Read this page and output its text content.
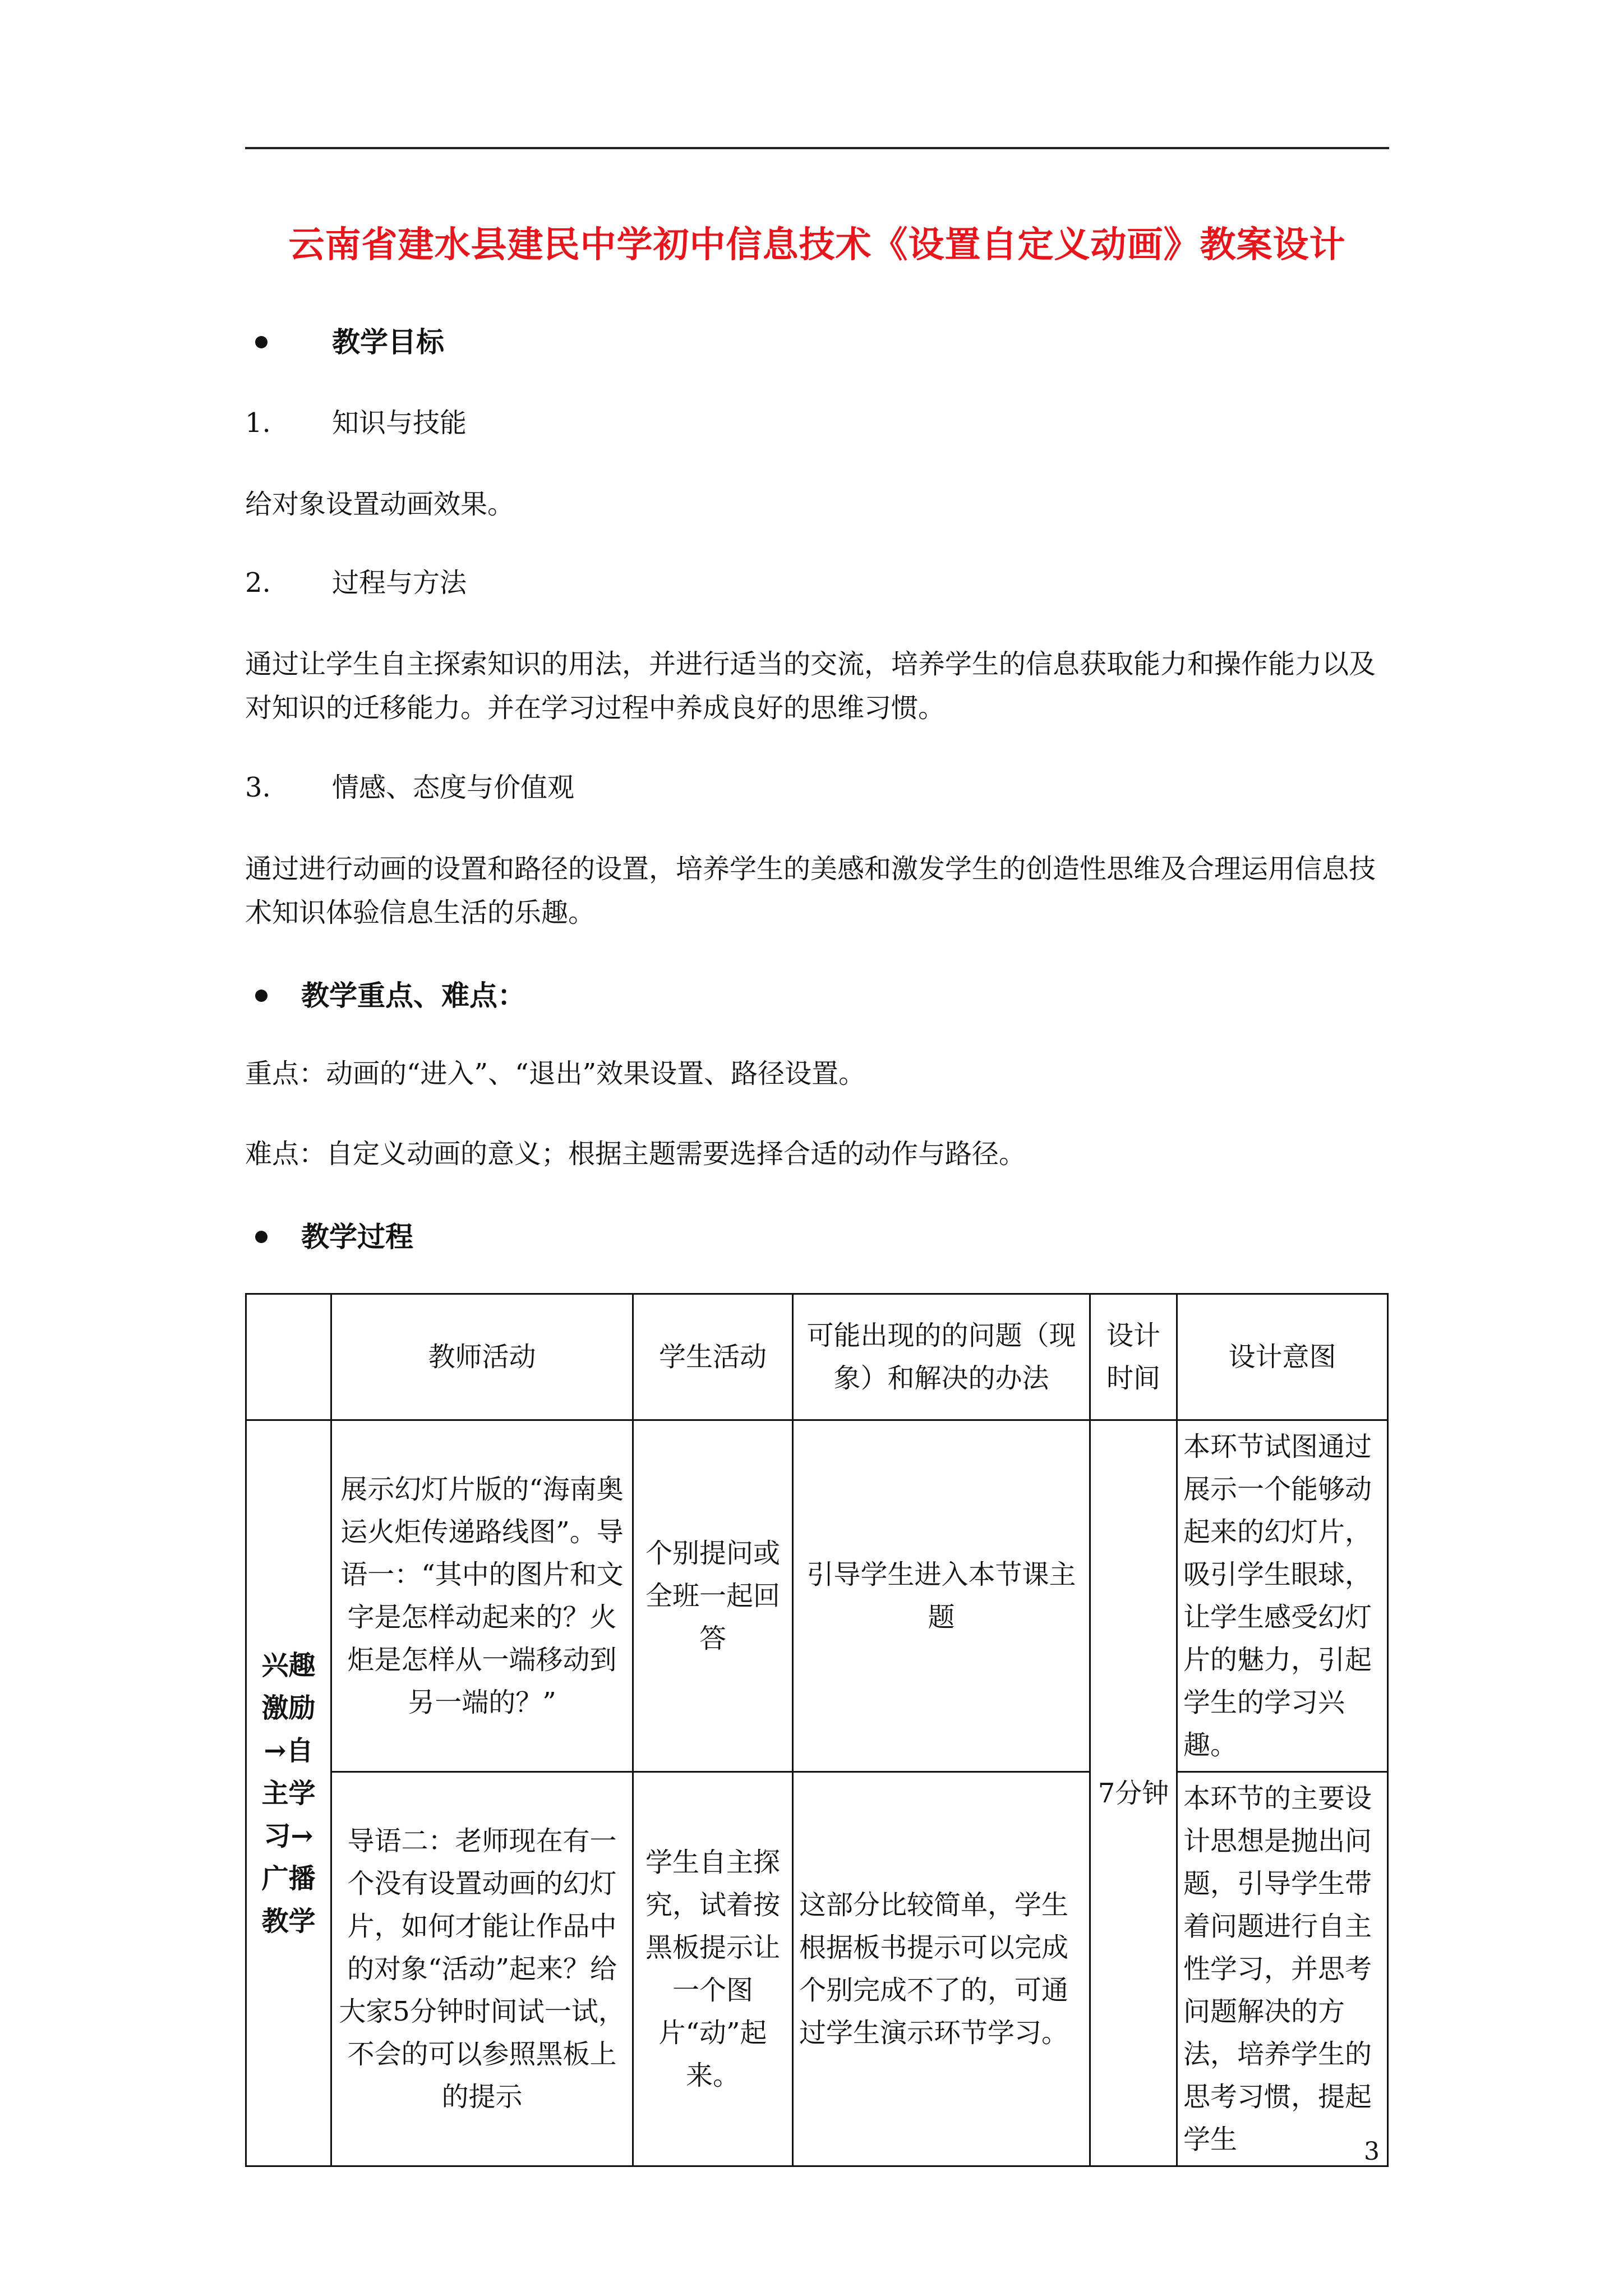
云南省建水县建民中学初中信息技术《设置自定义动画》教案设计
教学目标
1. 知识与技能
给对象设置动画效果。
2. 过程与方法
通过让学生自主探索知识的用法，并进行适当的交流，培养学生的信息获取能力和操作能力以及对知识的迁移能力。并在学习过程中养成良好的思维习惯。
3. 情感、态度与价值观
通过进行动画的设置和路径的设置，培养学生的美感和激发学生的创造性思维及合理运用信息技术知识体验信息生活的乐趣。
教学重点、难点：
重点：动画的“进入”、“退出”效果设置、路径设置。
难点：自定义动画的意义；根据主题需要选择合适的动作与路径。
教学过程
	教师活动	学生活动	可能出现的的问题（现象）和解决的办法	设计时间	设计意图
兴趣激励→自主学习→广播教学	展示幻灯片版的“海南奥运火炬传递路线图”。导语一：“其中的图片和文字是怎样动起来的？火炬是怎样从一端移动到另一端的？”	个别提问或全班一起回答	引导学生进入本节课主题	7分钟	本环节试图通过展示一个能够动起来的幻灯片，吸引学生眼球，让学生感受幻灯片的魅力，引起学生的学习兴趣。
	导语二：老师现在有一个没有设置动画的幻灯片，如何才能让作品中的对象“活动”起来？给大家5分钟时间试一试，不会的可以参照黑板上的提示	学生自主探究，试着按黑板提示让一个图片“动”起来。	这部分比较简单，学生根据板书提示可以完成个别完成不了的，可通过学生演示环节学习。		本环节的主要设计思想是抛出问题，引导学生带着问题进行自主性学习，并思考问题解决的方法，培养学生的思考习惯，提起学生	3
